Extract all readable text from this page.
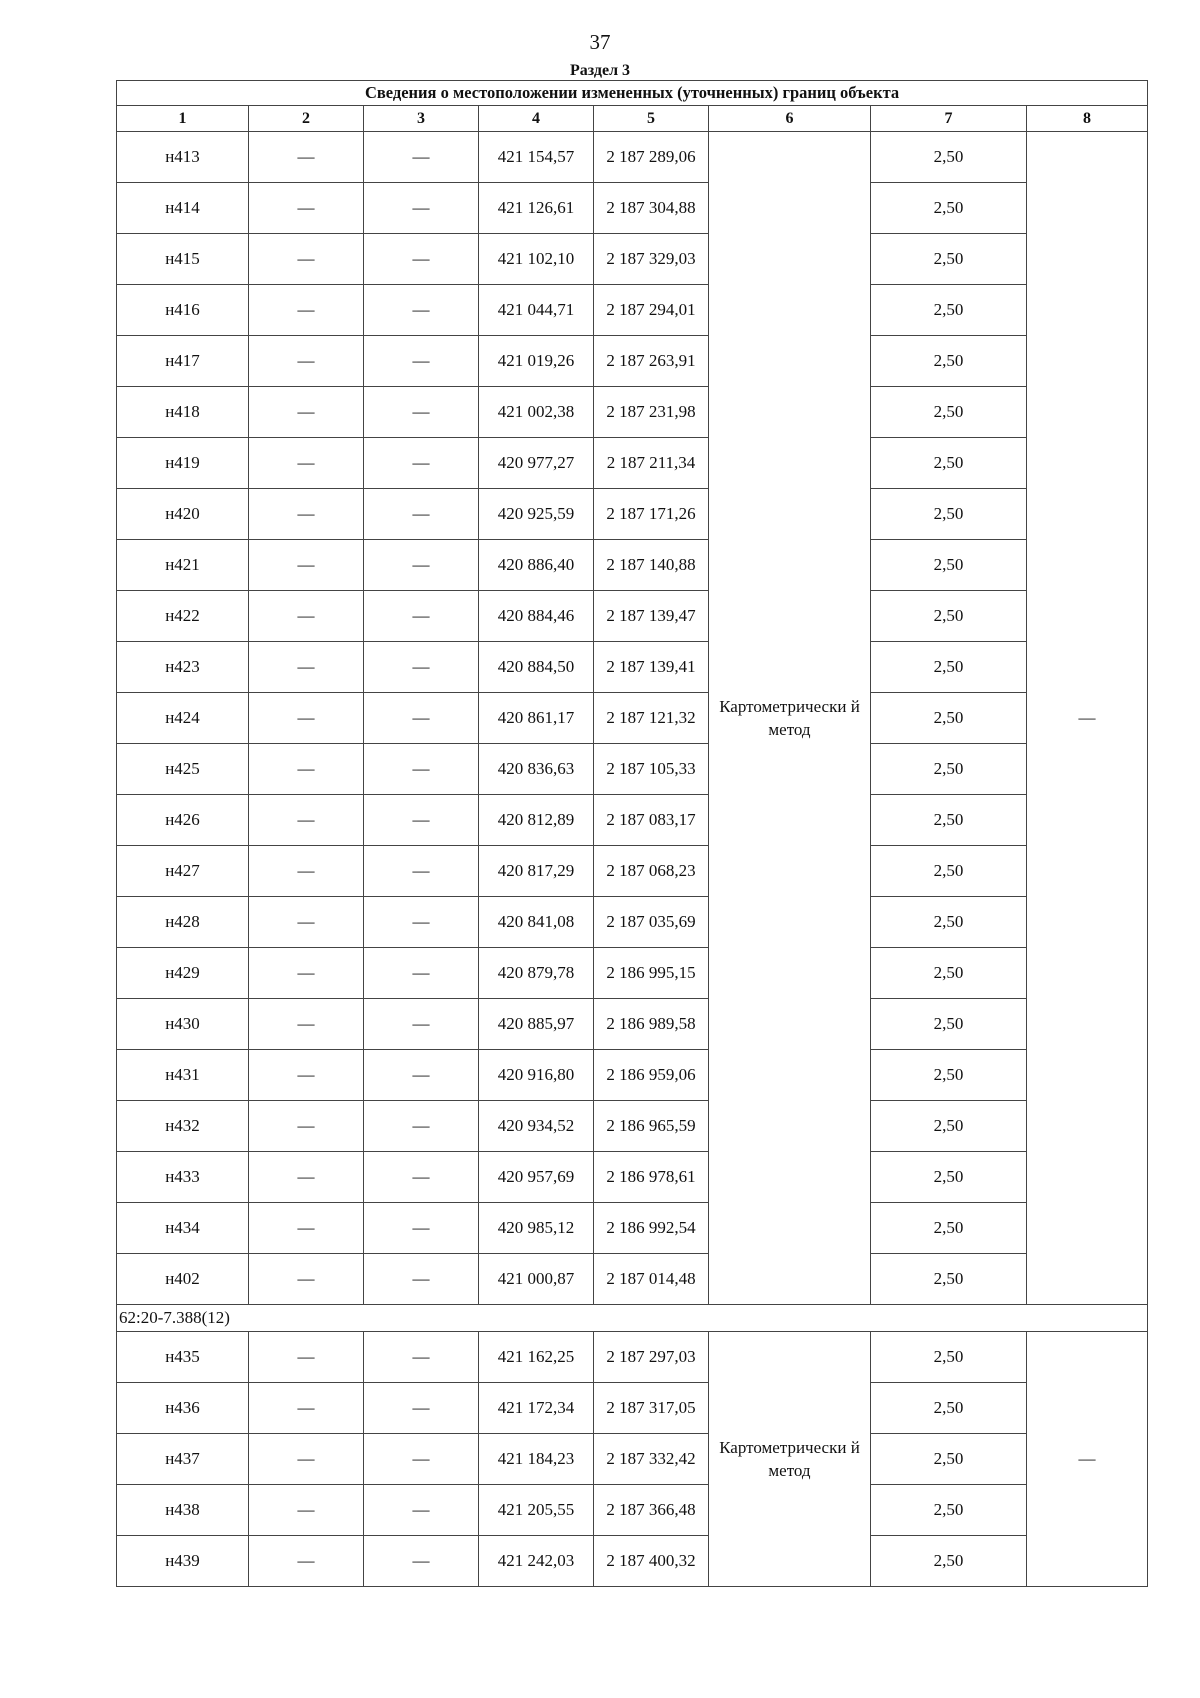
37
Раздел 3
Сведения о местоположении измененных (уточненных) границ объекта							
1	2	3	4	5	6	7	8
н413	—	—	421 154,57	2 187 289,06	Картометрически й метод	2,50	—
н414	—	—	421 126,61	2 187 304,88		2,50	
н415	—	—	421 102,10	2 187 329,03		2,50	
н416	—	—	421 044,71	2 187 294,01		2,50	
н417	—	—	421 019,26	2 187 263,91		2,50	
н418	—	—	421 002,38	2 187 231,98		2,50	
н419	—	—	420 977,27	2 187 211,34		2,50	
н420	—	—	420 925,59	2 187 171,26		2,50	
н421	—	—	420 886,40	2 187 140,88		2,50	
н422	—	—	420 884,46	2 187 139,47		2,50	
н423	—	—	420 884,50	2 187 139,41		2,50	
н424	—	—	420 861,17	2 187 121,32		2,50	
н425	—	—	420 836,63	2 187 105,33		2,50	
н426	—	—	420 812,89	2 187 083,17		2,50	
н427	—	—	420 817,29	2 187 068,23		2,50	
н428	—	—	420 841,08	2 187 035,69		2,50	
н429	—	—	420 879,78	2 186 995,15		2,50	
н430	—	—	420 885,97	2 186 989,58		2,50	
н431	—	—	420 916,80	2 186 959,06		2,50	
н432	—	—	420 934,52	2 186 965,59		2,50	
н433	—	—	420 957,69	2 186 978,61		2,50	
н434	—	—	420 985,12	2 186 992,54		2,50	
н402	—	—	421 000,87	2 187 014,48		2,50	
62:20-7.388(12)							
н435	—	—	421 162,25	2 187 297,03	Картометрически й метод	2,50	—
н436	—	—	421 172,34	2 187 317,05		2,50	
н437	—	—	421 184,23	2 187 332,42		2,50	
н438	—	—	421 205,55	2 187 366,48		2,50	
н439	—	—	421 242,03	2 187 400,32		2,50	
